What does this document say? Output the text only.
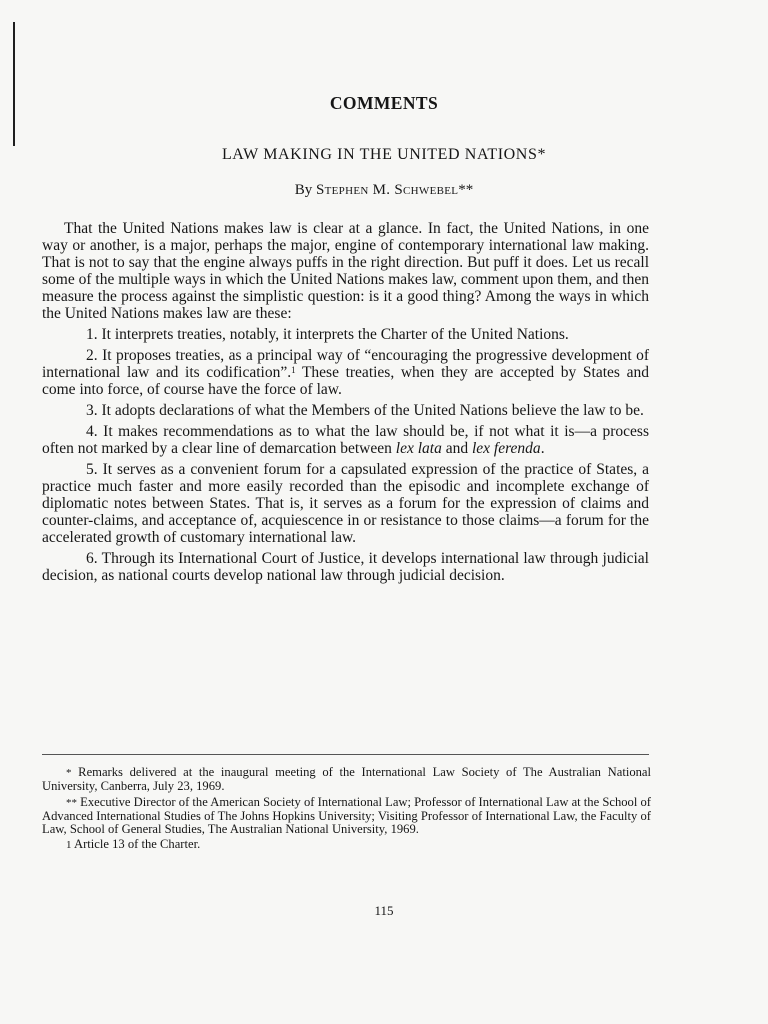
COMMENTS
LAW MAKING IN THE UNITED NATIONS*

By Stephen M. Schwebel**

That the United Nations makes law is clear at a glance. In fact, the United Nations, in one way or another, is a major, perhaps the major, engine of contemporary international law making. That is not to say that the engine always puffs in the right direction. But puff it does. Let us recall some of the multiple ways in which the United Nations makes law, comment upon them, and then measure the process against the simplistic question: is it a good thing? Among the ways in which the United Nations makes law are these:

1. It interprets treaties, notably, it interprets the Charter of the United Nations.

2. It proposes treaties, as a principal way of “encouraging the progressive development of international law and its codification”.$^1$ These treaties, when they are accepted by States and come into force, of course have the force of law.

3. It adopts declarations of what the Members of the United Nations believe the law to be.

4. It makes recommendations as to what the law should be, if not what it is—a process often not marked by a clear line of demarcation between lex lata and lex ferenda.

5. It serves as a convenient forum for a capsulated expression of the practice of States, a practice much faster and more easily recorded than the episodic and incomplete exchange of diplomatic notes between States. That is, it serves as a forum for the expression of claims and counter-claims, and acceptance of, acquiescence in or resistance to those claims—a forum for the accelerated growth of customary international law.

6. Through its International Court of Justice, it develops international law through judicial decision, as national courts develop national law through judicial decision.

* Remarks delivered at the inaugural meeting of the International Law Society of The Australian National University, Canberra, July 23, 1969.

** Executive Director of the American Society of International Law; Professor of International Law at the School of Advanced International Studies of The Johns Hopkins University; Visiting Professor of International Law, the Faculty of Law, School of General Studies, The Australian National University, 1969.

1 Article 13 of the Charter.

115
